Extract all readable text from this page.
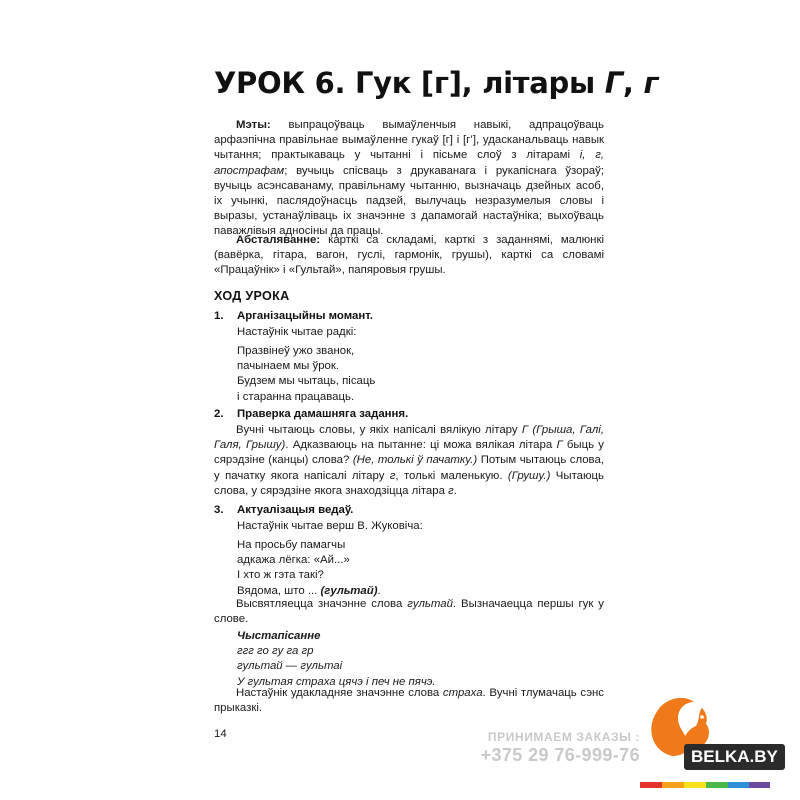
УРОК 6. Гук [г], літары Г, г

Мэты: выпрацоўваць вымаўленчыя навыкі, адпрацоўваць арфаэпічна правільнае вымаўленне гукаў [г] і [г’], удасканальваць навык чытання; практыкаваць у чытанні і пісьме слоў з літарамі і, г, апострафам; вучыць спісваць з друкаванага і рукапіснага ўзораў; вучыць асэнсаванаму, правільнаму чытанню, вызначаць дзейных асоб, іх учынкі, паслядоўнасць падзей, вылучаць незразумелыя словы і выразы, устанаўліваць іх значэнне з дапамогай настаўніка; выхоўваць паважлівыя адносіны да працы.

Абсталяванне: карткі са складамі, карткі з заданнямі, малюнкі (вавёрка, гітара, вагон, гуслі, гармонік, грушы), карткі са словамі «Працаўнік» і «Гультай», папяровыя грушы.

ХОД УРОКА
1. Арганізацыйны момант.
Настаўнік чытае радкі:
Празвінеў ужо званок,
пачынаем мы ўрок.
Будзем мы чытаць, пісаць
і старанна працаваць.
2. Праверка дамашняга задання.

Вучні чытаюць словы, у якіх напісалі вялікую літару Г (Грыша, Галі, Галя, Грышу). Адказваюць на пытанне: ці можа вялікая літара Г быць у сярэдзіне (канцы) слова? (Не, толькі ў пачатку.) Потым чытаюць слова, у пачатку якога напісалі літару г, толькі маленькую. (Грушу.) Чытаюць слова, у сярэдзіне якога знаходзіцца літара г.

3. Актуалізацыя ведаў.
Настаўнік чытае верш В. Жуковіча:
На просьбу памагчы
адкажа лёгка: «Ай...»
І хто ж гэта такі?
Вядома, што ... (гультай).

Высвятляецца значэнне слова гультай. Вызначаецца першы гук у слове.

Чыстапісанне
ггг го гу га гр
гультай — гультаі
У гультая страха цячэ і печ не пячэ.

Настаўнік удакладняе значэнне слова страха. Вучні тлумачаць сэнс прыказкі.

14	ПРИНИМАЕМ ЗАКАЗЫ :
+375 29 76-999-76	BELKA.BY
